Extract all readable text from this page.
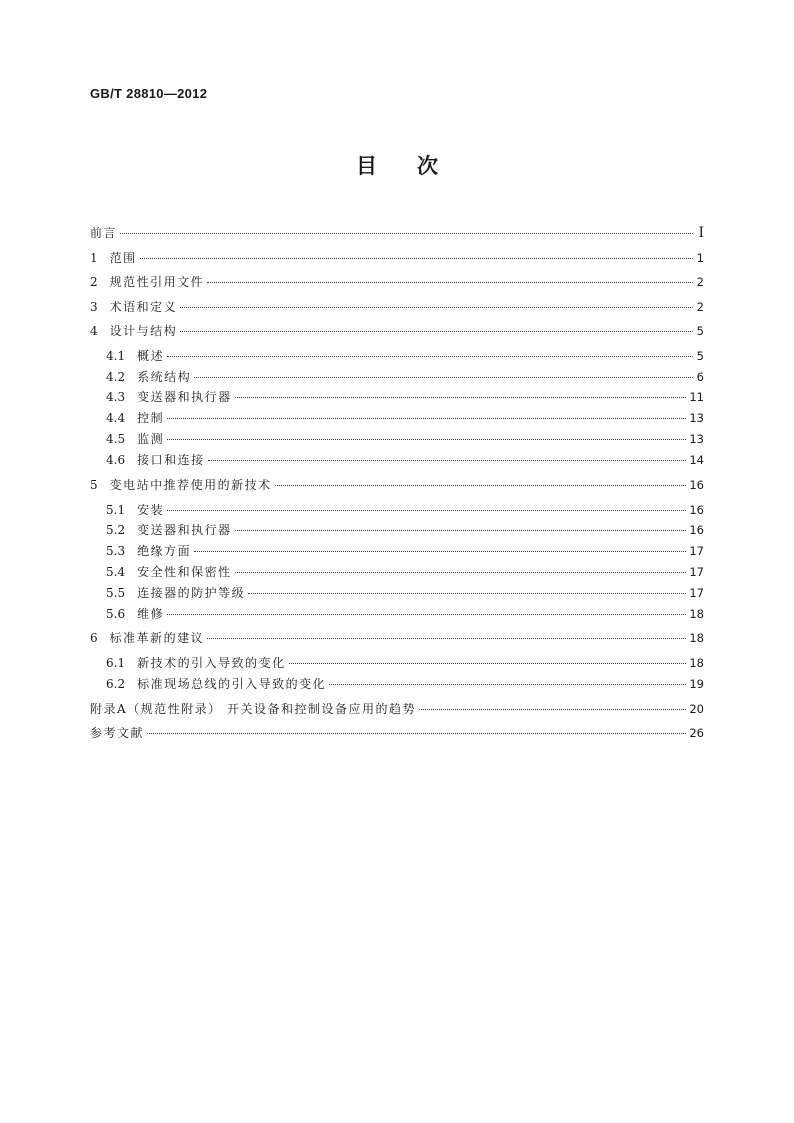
GB/T 28810—2012
目次
前言	Ⅰ
1 范围	1
2 规范性引用文件	2
3 术语和定义	2
4 设计与结构	5
4.1 概述	5
4.2 系统结构	6
4.3 变送器和执行器	11
4.4 控制	13
4.5 监测	13
4.6 接口和连接	14
5 变电站中推荐使用的新技术	16
5.1 安装	16
5.2 变送器和执行器	16
5.3 绝缘方面	17
5.4 安全性和保密性	17
5.5 连接器的防护等级	17
5.6 维修	18
6 标准革新的建议	18
6.1 新技术的引入导致的变化	18
6.2 标准现场总线的引入导致的变化	19
附录A（规范性附录） 开关设备和控制设备应用的趋势	20
参考文献	26
